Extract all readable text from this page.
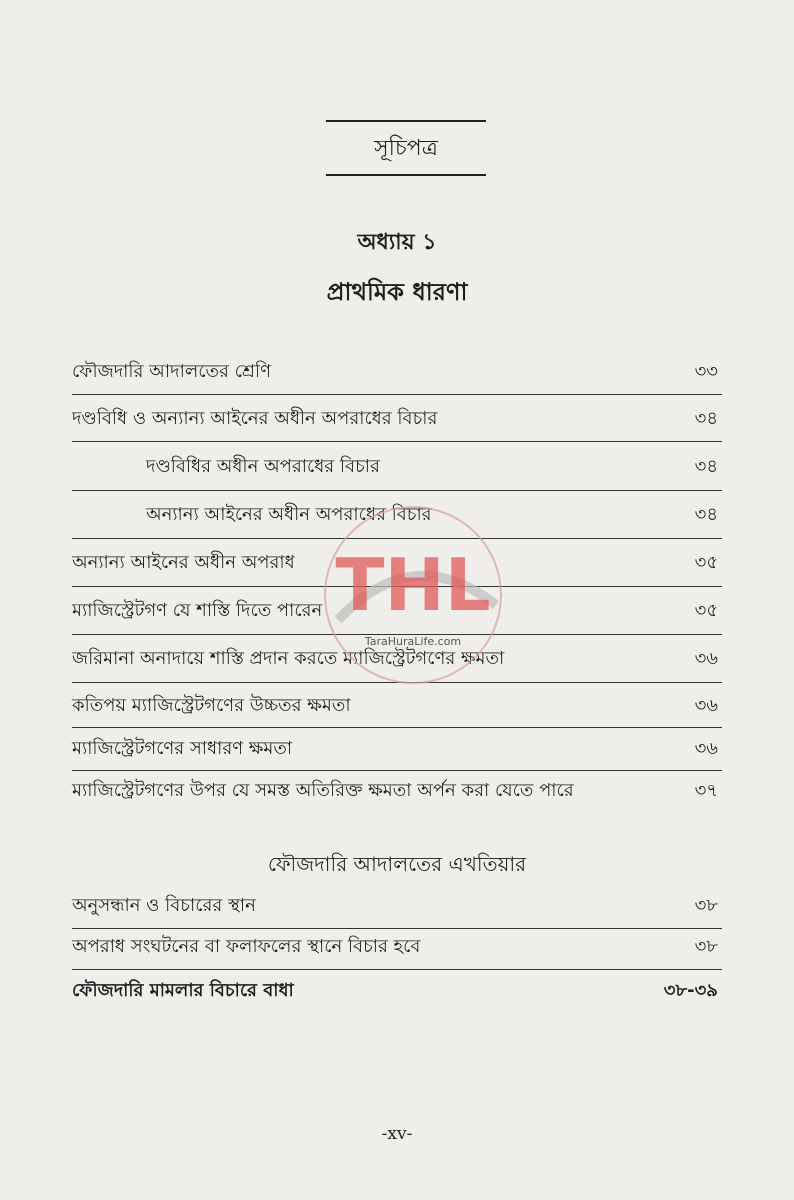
সূচিপত্র
অধ্যায় ১
প্রাথমিক ধারণা
ফৌজদারি আদালতের শ্রেণি	৩৩
দণ্ডবিধি ও অন্যান্য আইনের অধীন অপরাধের বিচার	৩৪
দণ্ডবিধির অধীন অপরাধের বিচার	৩৪
অন্যান্য আইনের অধীন অপরাধের বিচার	৩৪
অন্যান্য আইনের অধীন অপরাধ	৩৫
ম্যাজিস্ট্রেটগণ যে শাস্তি দিতে পারেন	৩৫
জরিমানা অনাদায়ে শাস্তি প্রদান করতে ম্যাজিস্ট্রেটগণের ক্ষমতা	৩৬
কতিপয় ম্যাজিস্ট্রেটগণের উচ্চতর ক্ষমতা	৩৬
ম্যাজিস্ট্রেটগণের সাধারণ ক্ষমতা	৩৬
ম্যাজিস্ট্রেটগণের উপর যে সমস্ত অতিরিক্ত ক্ষমতা অর্পন করা যেতে পারে	৩৭
ফৌজদারি আদালতের এখতিয়ার
অনুসন্ধান ও বিচারের স্থান	৩৮
অপরাধ সংঘটনের বা ফলাফলের স্থানে বিচার হবে	৩৮
ফৌজদারি মামলার বিচারে বাধা	৩৮-৩৯
THL
TaraHuraLife.com
-xv-
